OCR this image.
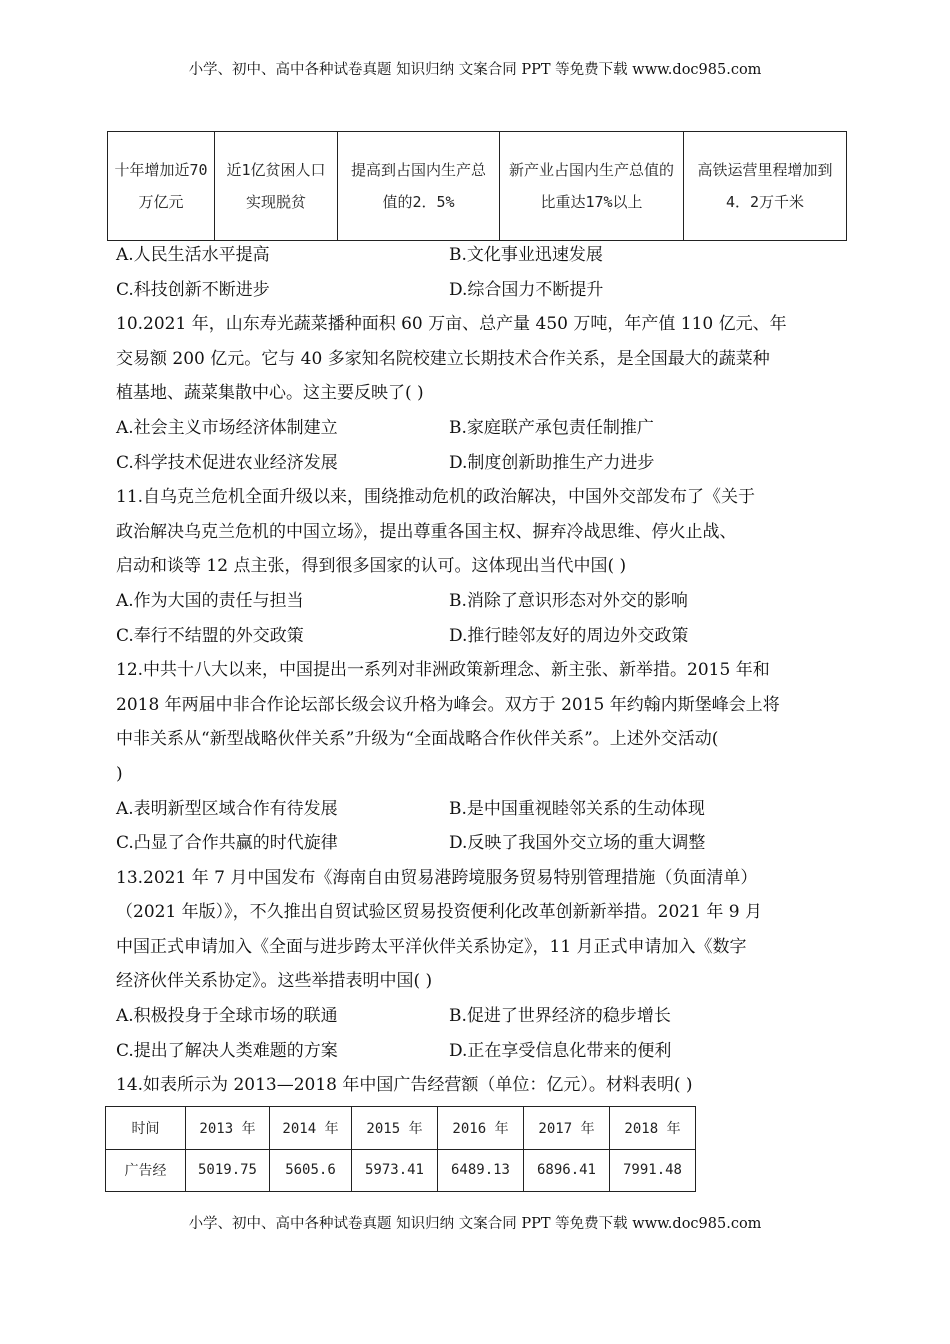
小学、初中、高中各种试卷真题 知识归纳 文案合同 PPT 等免费下载 www.doc985.com
十年增加近70万亿元	近1亿贫困人口实现脱贫	提高到占国内生产总值的2．5%	新产业占国内生产总值的比重达17%以上	高铁运营里程增加到4．2万千米
A.人民生活水平提高	B.文化事业迅速发展
C.科技创新不断进步	D.综合国力不断提升
10.2021 年，山东寿光蔬菜播种面积 60 万亩、总产量 450 万吨，年产值 110 亿元、年
交易额 200 亿元。它与 40 多家知名院校建立长期技术合作关系，是全国最大的蔬菜种
植基地、蔬菜集散中心。这主要反映了( )
A.社会主义市场经济体制建立	B.家庭联产承包责任制推广
C.科学技术促进农业经济发展	D.制度创新助推生产力进步
11.自乌克兰危机全面升级以来，围绕推动危机的政治解决，中国外交部发布了《关于
政治解决乌克兰危机的中国立场》，提出尊重各国主权、摒弃冷战思维、停火止战、
启动和谈等 12 点主张，得到很多国家的认可。这体现出当代中国( )
A.作为大国的责任与担当	B.消除了意识形态对外交的影响
C.奉行不结盟的外交政策	D.推行睦邻友好的周边外交政策
12.中共十八大以来，中国提出一系列对非洲政策新理念、新主张、新举措。2015 年和
2018 年两届中非合作论坛部长级会议升格为峰会。双方于 2015 年约翰内斯堡峰会上将
中非关系从“新型战略伙伴关系”升级为“全面战略合作伙伴关系”。上述外交活动(
)
A.表明新型区域合作有待发展	B.是中国重视睦邻关系的生动体现
C.凸显了合作共赢的时代旋律	D.反映了我国外交立场的重大调整
13.2021 年 7 月中国发布《海南自由贸易港跨境服务贸易特别管理措施（负面清单）
（2021 年版）》，不久推出自贸试验区贸易投资便利化改革创新新举措。2021 年 9 月
中国正式申请加入《全面与进步跨太平洋伙伴关系协定》，11 月正式申请加入《数字
经济伙伴关系协定》。这些举措表明中国( )
A.积极投身于全球市场的联通	B.促进了世界经济的稳步增长
C.提出了解决人类难题的方案	D.正在享受信息化带来的便利
14.如表所示为 2013—2018 年中国广告经营额（单位：亿元）。材料表明( )
时间	2013 年	2014 年	2015 年	2016 年	2017 年	2018 年
广告经	5019.75	5605.6	5973.41	6489.13	6896.41	7991.48
小学、初中、高中各种试卷真题 知识归纳 文案合同 PPT 等免费下载 www.doc985.com
